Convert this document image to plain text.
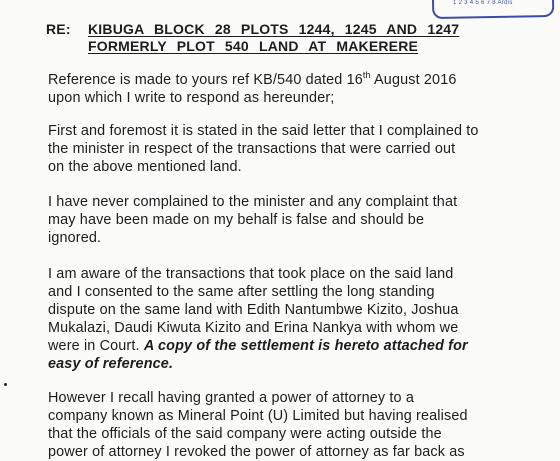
1 2 3 4 5 6 7 8 Ardis
RE: KIBUGA BLOCK 28 PLOTS 1244, 1245 AND 1247
FORMERLY PLOT 540 LAND AT MAKERERE
Reference is made to yours ref KB/540 dated 16th August 2016
upon which I write to respond as hereunder;
First and foremost it is stated in the said letter that I complained to
the minister in respect of the transactions that were carried out
on the above mentioned land.
I have never complained to the minister and any complaint that
may have been made on my behalf is false and should be
ignored.
I am aware of the transactions that took place on the said land
and I consented to the same after settling the long standing
dispute on the same land with Edith Nantumbwe Kizito, Joshua
Mukalazi, Daudi Kiwuta Kizito and Erina Nankya with whom we
were in Court. A copy of the settlement is hereto attached for
easy of reference.
However I recall having granted a power of attorney to a
company known as Mineral Point (U) Limited but having realised
that the officials of the said company were acting outside the
power of attorney I revoked the power of attorney as far back as
